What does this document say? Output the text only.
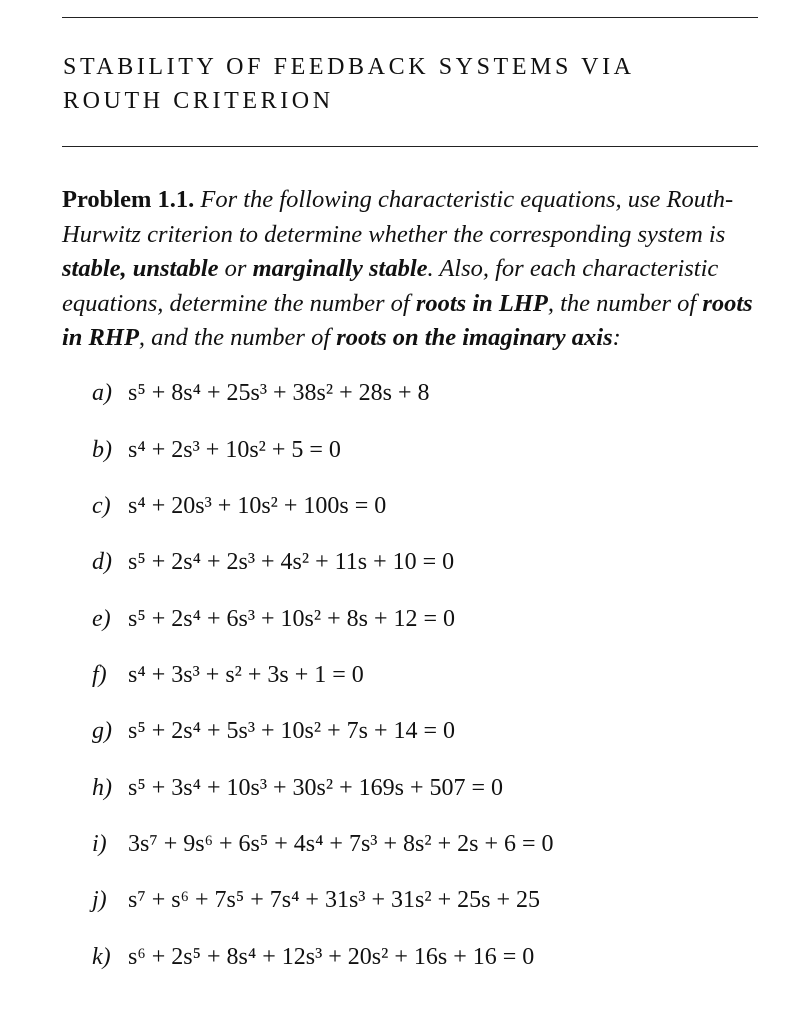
STABILITY OF FEEDBACK SYSTEMS VIA
ROUTH CRITERION
Problem 1.1. For the following characteristic equations, use Routh-Hurwitz criterion to determine whether the corresponding system is stable, unstable or marginally stable. Also, for each characteristic equations, determine the number of roots in LHP, the number of roots in RHP, and the number of roots on the imaginary axis:
a) s⁵ + 8s⁴ + 25s³ + 38s² + 28s + 8
b) s⁴ + 2s³ + 10s² + 5 = 0
c) s⁴ + 20s³ + 10s² + 100s = 0
d) s⁵ + 2s⁴ + 2s³ + 4s² + 11s + 10 = 0
e) s⁵ + 2s⁴ + 6s³ + 10s² + 8s + 12 = 0
f) s⁴ + 3s³ + s² + 3s + 1 = 0
g) s⁵ + 2s⁴ + 5s³ + 10s² + 7s + 14 = 0
h) s⁵ + 3s⁴ + 10s³ + 30s² + 169s + 507 = 0
i) 3s⁷ + 9s⁶ + 6s⁵ + 4s⁴ + 7s³ + 8s² + 2s + 6 = 0
j) s⁷ + s⁶ + 7s⁵ + 7s⁴ + 31s³ + 31s² + 25s + 25
k) s⁶ + 2s⁵ + 8s⁴ + 12s³ + 20s² + 16s + 16 = 0
